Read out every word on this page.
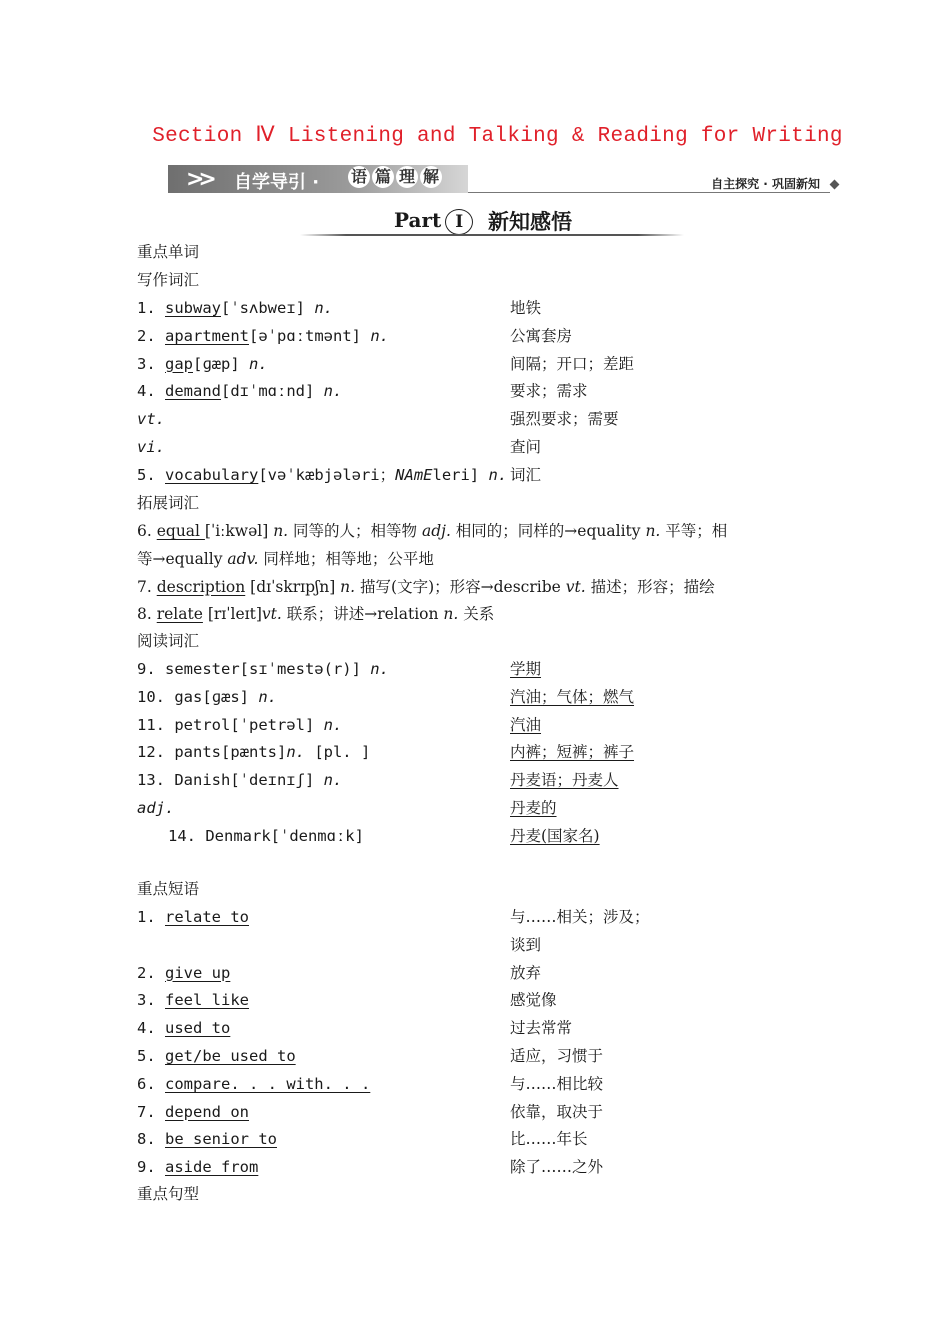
Section Ⅳ Listening and Talking & Reading for Writing
>> 自学导引 · 语 篇 理 解	自主探究 · 巩固新知
Part Ⅰ	新知感悟
重点单词
写作词汇
1. subway[ˈsʌbweɪ] n.	地铁
2. apartment[əˈpɑːtmənt] n.	公寓套房
3. gap[ɡæp] n.	间隔；开口；差距
4. demand[dɪˈmɑːnd] n.	要求；需求
vt.	强烈要求；需要
vi.	查问
5. vocabulary[vəˈkæbjələri；NAmEleri] n. 词汇
拓展词汇
6. equal [ˈiːkwəl] n. 同等的人；相等物 adj. 相同的；同样的→equality n. 平等；相
等→equally adv. 同样地；相等地；公平地
7. description [dɪˈskrɪpʃn] n. 描写(文字)；形容→describe vt. 描述；形容；描绘
8. relate [rɪˈleɪt]vt. 联系；讲述→relation n. 关系
阅读词汇
9. semester[sɪˈmestə(r)] n.	学期
10. gas[ɡæs] n.	汽油；气体；燃气
11. petrol[ˈpetrəl] n.	汽油
12. pants[pænts]n. [pl. ]	内裤；短裤；裤子
13. Danish[ˈdeɪnɪʃ] n.	丹麦语；丹麦人
adj.	丹麦的
14. Denmark[ˈdenmɑːk]	丹麦(国家名)
重点短语
1. relate to	与……相关；涉及；
谈到
2. give up	放弃
3. feel like	感觉像
4. used to	过去常常
5. get/be used to	适应，习惯于
6. compare. . . with. . .	与……相比较
7. depend on	依靠，取决于
8. be senior to	比……年长
9. aside from	除了……之外
重点句型
